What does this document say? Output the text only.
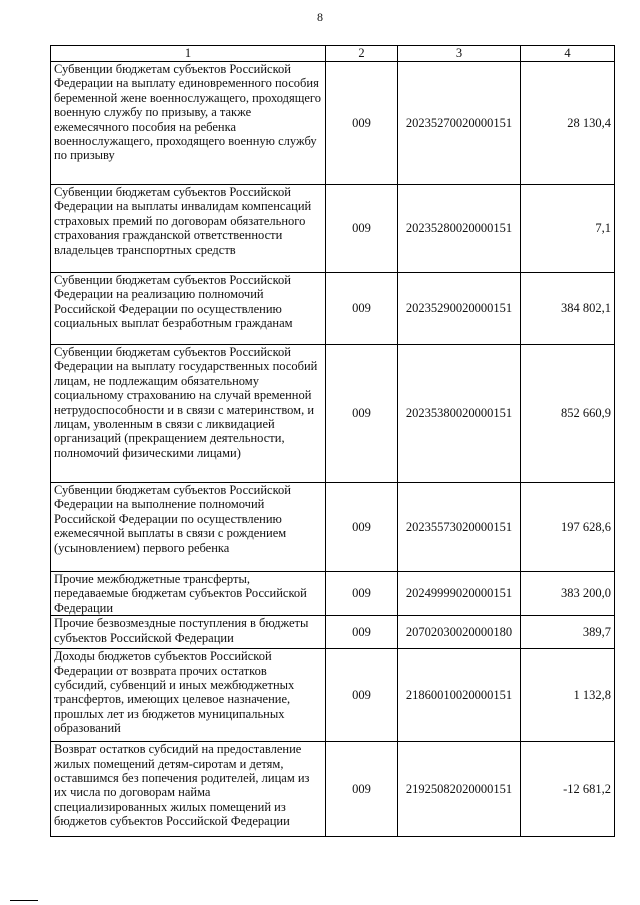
8
1	2	3	4
Субвенции бюджетам субъектов Российской Федерации на выплату единовременного пособия беременной жене военнослужащего, проходящего военную службу по призыву, а также ежемесячного пособия на ребенка военнослужащего, проходящего военную службу по призыву	009	20235270020000151	28 130,4
Субвенции бюджетам субъектов Российской Федерации на выплаты инвалидам компенсаций страховых премий по договорам обязательного страхования гражданской ответственности владельцев транспортных средств	009	20235280020000151	7,1
Субвенции бюджетам субъектов Российской Федерации на реализацию полномочий Российской Федерации по осуществлению социальных выплат безработным гражданам	009	20235290020000151	384 802,1
Субвенции бюджетам субъектов Российской Федерации на выплату государственных пособий лицам, не подлежащим обязательному социальному страхованию на случай временной нетрудоспособности и в связи с материнством, и лицам, уволенным в связи с ликвидацией организаций (прекращением деятельности, полномочий физическими лицами)	009	20235380020000151	852 660,9
Субвенции бюджетам субъектов Российской Федерации на выполнение полномочий Российской Федерации по осуществлению ежемесячной выплаты в связи с рождением (усыновлением) первого ребенка	009	20235573020000151	197 628,6
Прочие межбюджетные трансферты, передаваемые бюджетам субъектов Российской Федерации	009	20249999020000151	383 200,0
Прочие безвозмездные поступления в бюджеты субъектов Российской Федерации	009	20702030020000180	389,7
Доходы бюджетов субъектов Российской Федерации от возврата прочих остатков субсидий, субвенций и иных межбюджетных трансфертов, имеющих целевое назначение, прошлых лет из бюджетов муниципальных образований	009	21860010020000151	1 132,8
Возврат остатков субсидий на предоставление жилых помещений детям-сиротам и детям, оставшимся без попечения родителей, лицам из их числа по договорам найма специализированных жилых помещений из бюджетов субъектов Российской Федерации	009	21925082020000151	-12 681,2
